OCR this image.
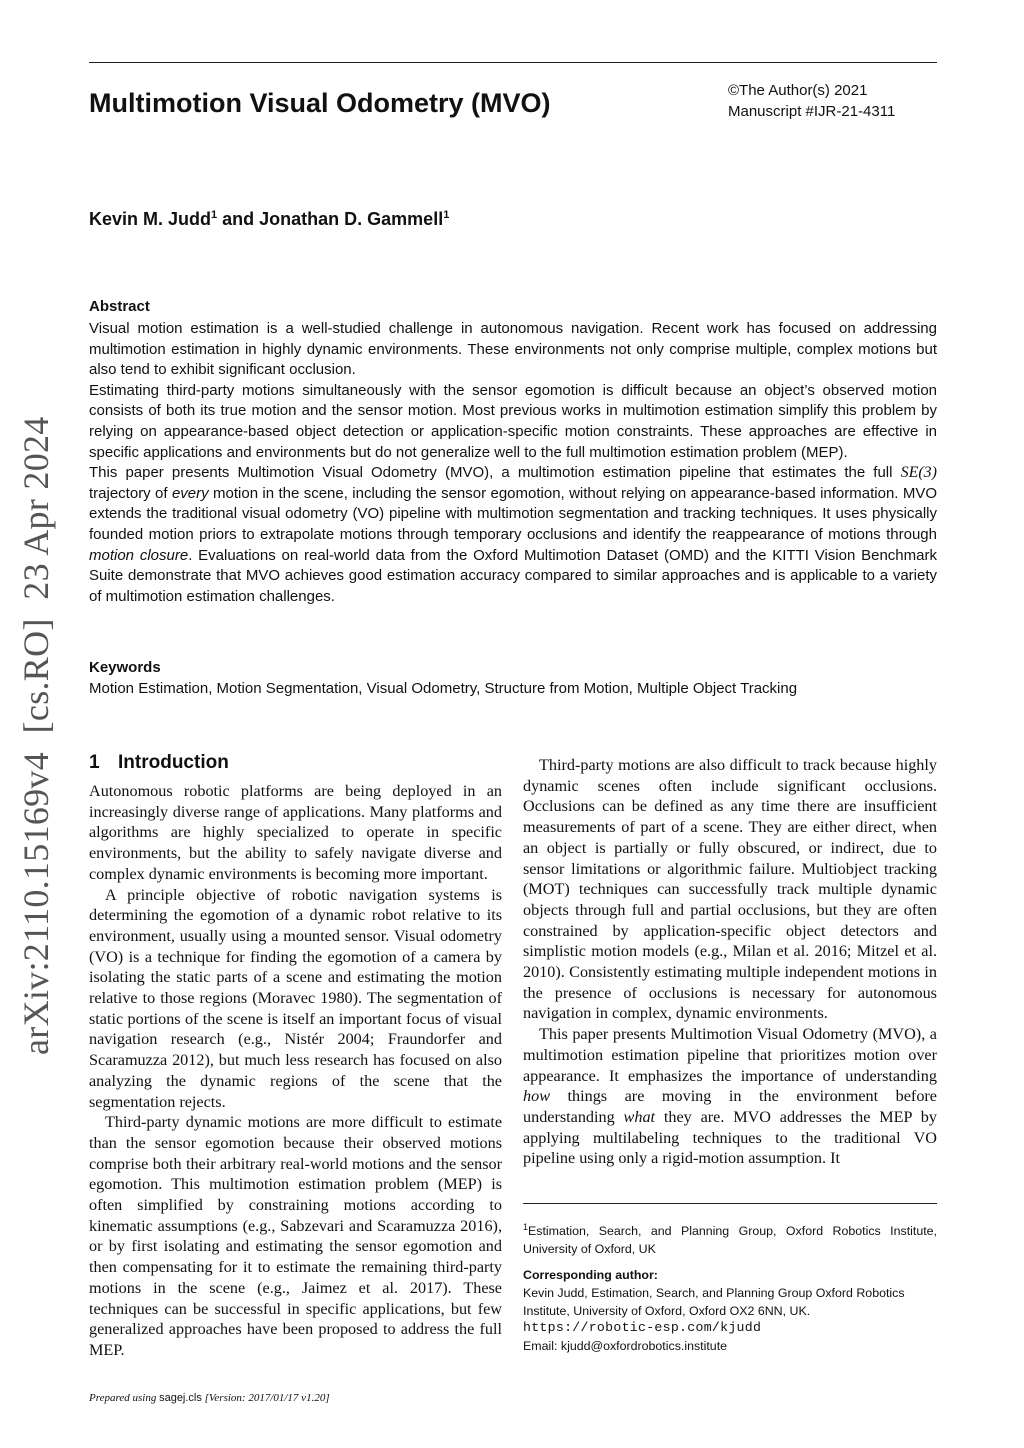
Multimotion Visual Odometry (MVO)	©The Author(s) 2021
Manuscript #IJR-21-4311
Kevin M. Judd$^1$ and Jonathan D. Gammell$^1$
Abstract

Visual motion estimation is a well-studied challenge in autonomous navigation. Recent work has focused on addressing multimotion estimation in highly dynamic environments. These environments not only comprise multiple, complex motions but also tend to exhibit significant occlusion.

Estimating third-party motions simultaneously with the sensor egomotion is difficult because an object’s observed motion consists of both its true motion and the sensor motion. Most previous works in multimotion estimation simplify this problem by relying on appearance-based object detection or application-specific motion constraints. These approaches are effective in specific applications and environments but do not generalize well to the full multimotion estimation problem (MEP).

This paper presents Multimotion Visual Odometry (MVO), a multimotion estimation pipeline that estimates the full SE(3) trajectory of every motion in the scene, including the sensor egomotion, without relying on appearance-based information. MVO extends the traditional visual odometry (VO) pipeline with multimotion segmentation and tracking techniques. It uses physically founded motion priors to extrapolate motions through temporary occlusions and identify the reappearance of motions through motion closure. Evaluations on real-world data from the Oxford Multimotion Dataset (OMD) and the KITTI Vision Benchmark Suite demonstrate that MVO achieves good estimation accuracy compared to similar approaches and is applicable to a variety of multimotion estimation challenges.

Keywords
Motion Estimation, Motion Segmentation, Visual Odometry, Structure from Motion, Multiple Object Tracking
1 Introduction

Autonomous robotic platforms are being deployed in an increasingly diverse range of applications. Many platforms and algorithms are highly specialized to operate in specific environments, but the ability to safely navigate diverse and complex dynamic environments is becoming more important.

A principle objective of robotic navigation systems is determining the egomotion of a dynamic robot relative to its environment, usually using a mounted sensor. Visual odometry (VO) is a technique for finding the egomotion of a camera by isolating the static parts of a scene and estimating the motion relative to those regions (Moravec 1980). The segmentation of static portions of the scene is itself an important focus of visual navigation research (e.g., Nistér 2004; Fraundorfer and Scaramuzza 2012), but much less research has focused on also analyzing the dynamic regions of the scene that the segmentation rejects.

Third-party dynamic motions are more difficult to estimate than the sensor egomotion because their observed motions comprise both their arbitrary real-world motions and the sensor egomotion. This multimotion estimation problem (MEP) is often simplified by constraining motions according to kinematic assumptions (e.g., Sabzevari and Scaramuzza 2016), or by first isolating and estimating the sensor egomotion and then compensating for it to estimate the remaining third-party motions in the scene (e.g., Jaimez et al. 2017). These techniques can be successful in specific applications, but few generalized approaches have been proposed to address the full MEP.

Third-party motions are also difficult to track because highly dynamic scenes often include significant occlusions. Occlusions can be defined as any time there are insufficient measurements of part of a scene. They are either direct, when an object is partially or fully obscured, or indirect, due to sensor limitations or algorithmic failure. Multiobject tracking (MOT) techniques can successfully track multiple dynamic objects through full and partial occlusions, but they are often constrained by application-specific object detectors and simplistic motion models (e.g., Milan et al. 2016; Mitzel et al. 2010). Consistently estimating multiple independent motions in the presence of occlusions is necessary for autonomous navigation in complex, dynamic environments.

This paper presents Multimotion Visual Odometry (MVO), a multimotion estimation pipeline that prioritizes motion over appearance. It emphasizes the importance of understanding how things are moving in the environment before understanding what they are. MVO addresses the MEP by applying multilabeling techniques to the traditional VO pipeline using only a rigid-motion assumption. It

$^1$Estimation, Search, and Planning Group, Oxford Robotics Institute, University of Oxford, UK
Corresponding author:
Kevin Judd, Estimation, Search, and Planning Group Oxford Robotics Institute, University of Oxford, Oxford OX2 6NN, UK.
https://robotic-esp.com/kjudd
Email: kjudd@oxfordrobotics.institute
arXiv:2110.15169v4  [cs.RO]  23 Apr 2024
Prepared using sagej.cls [Version: 2017/01/17 v1.20]
